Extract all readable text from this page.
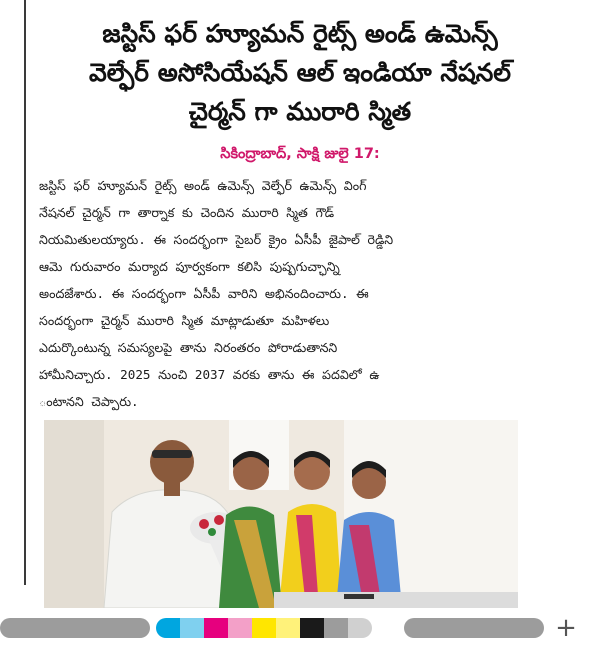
జస్టిస్ ఫర్ హ్యూమన్ రైట్స్ అండ్ ఉమెన్స్
వెల్ఫేర్ అసోసియేషన్ ఆల్ ఇండియా నేషనల్
చైర్మన్ గా మురారి స్మిత
సికింద్రాబాద్, సాక్షి జులై 17:
జస్టిస్ ఫర్ హ్యూమన్ రైట్స్ అండ్ ఉమెన్స్ వెల్ఫేర్ ఉమెన్స్ వింగ్
నేషనల్ చైర్మన్ గా తార్నాక కు చెందిన మురారి స్మిత గౌడ్
నియమితులయ్యారు. ఈ సందర్భంగా సైబర్ క్రైం ఏసీపీ జైపాల్ రెడ్డిని
ఆమె గురువారం మర్యాద పూర్వకంగా కలిసి పుష్పగుచ్ఛాన్ని
అందజేశారు. ఈ సందర్భంగా ఏసీపీ వారిని అభినందించారు. ఈ
సందర్భంగా చైర్మన్ మురారి స్మిత మాట్లాడుతూ మహిళలు
ఎదుర్కొంటున్న సమస్యలపై తాను నిరంతరం పోరాడుతానని
హామీనిచ్చారు. 2025 నుంచి 2037 వరకు తాను ఈ పదవిలో ఉ
ంటానని చెప్పారు.
+
